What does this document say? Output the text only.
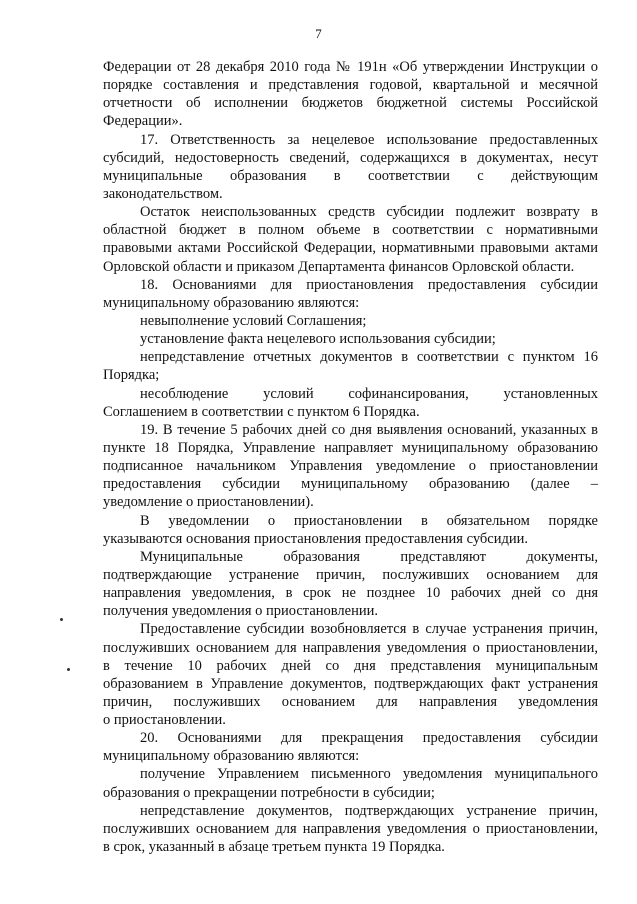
7
Федерации от 28 декабря 2010 года № 191н «Об утверждении Инструкции о
порядке составления и представления годовой, квартальной и месячной
отчетности об исполнении бюджетов бюджетной системы Российской
Федерации».
17. Ответственность за нецелевое использование предоставленных
субсидий, недостоверность сведений, содержащихся в документах, несут
муниципальные образования в соответствии с действующим
законодательством.
Остаток неиспользованных средств субсидии подлежит возврату в
областной бюджет в полном объеме в соответствии с нормативными
правовыми актами Российской Федерации, нормативными правовыми актами
Орловской области и приказом Департамента финансов Орловской области.
18. Основаниями для приостановления предоставления субсидии
муниципальному образованию являются:
невыполнение условий Соглашения;
установление факта нецелевого использования субсидии;
непредставление отчетных документов в соответствии с пунктом 16
Порядка;
несоблюдение условий софинансирования, установленных
Соглашением в соответствии с пунктом 6 Порядка.
19. В течение 5 рабочих дней со дня выявления оснований, указанных в
пункте 18 Порядка, Управление направляет муниципальному образованию
подписанное начальником Управления уведомление о приостановлении
предоставления субсидии муниципальному образованию (далее –
уведомление о приостановлении).
В уведомлении о приостановлении в обязательном порядке
указываются основания приостановления предоставления субсидии.
Муниципальные образования представляют документы,
подтверждающие устранение причин, послуживших основанием для
направления уведомления, в срок не позднее 10 рабочих дней со дня
получения уведомления о приостановлении.
Предоставление субсидии возобновляется в случае устранения причин,
послуживших основанием для направления уведомления о приостановлении,
в течение 10 рабочих дней со дня представления муниципальным
образованием в Управление документов, подтверждающих факт устранения
причин, послуживших основанием для направления уведомления
о приостановлении.
20. Основаниями для прекращения предоставления субсидии
муниципальному образованию являются:
получение Управлением письменного уведомления муниципального
образования о прекращении потребности в субсидии;
непредставление документов, подтверждающих устранение причин,
послуживших основанием для направления уведомления о приостановлении,
в срок, указанный в абзаце третьем пункта 19 Порядка.
